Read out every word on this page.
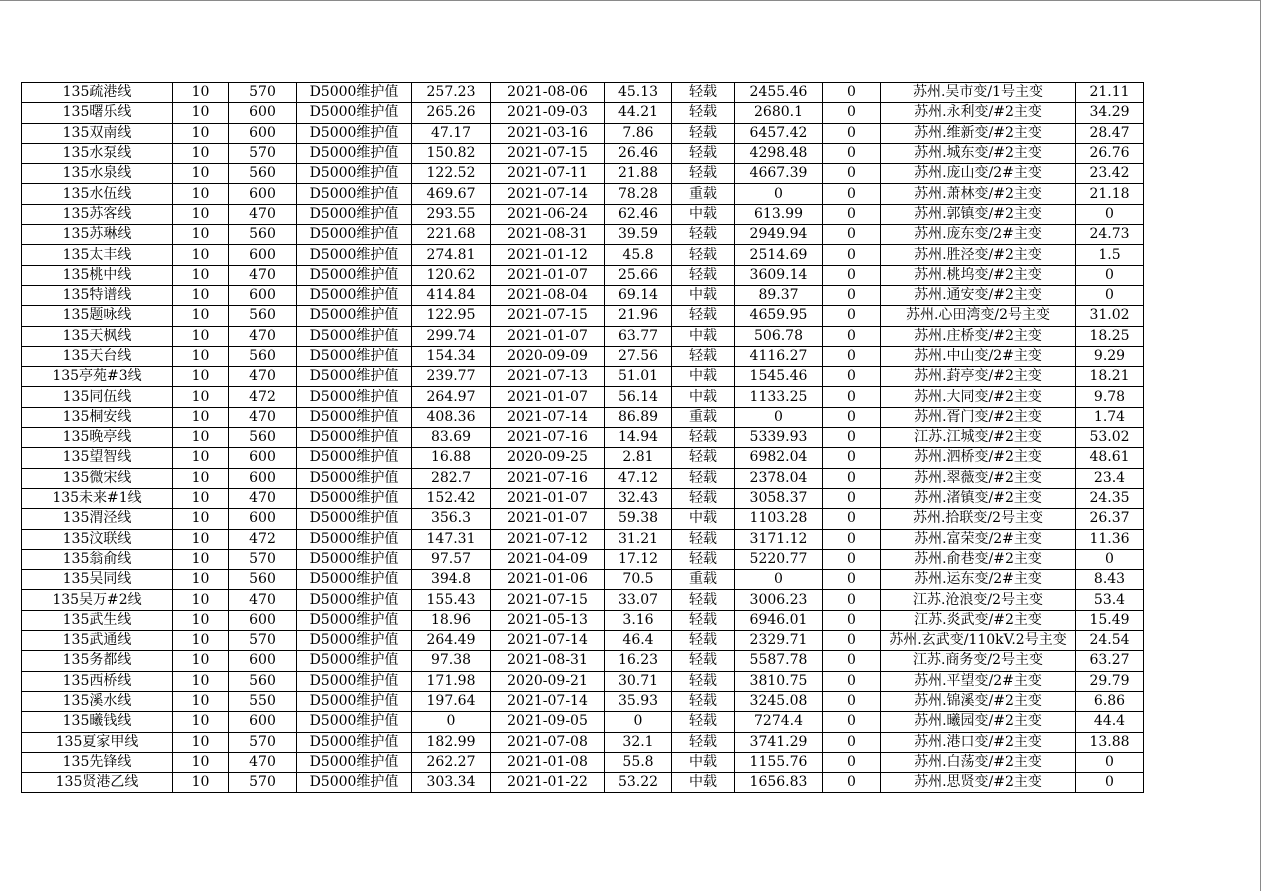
135疏港线	10	570	D5000维护值	257.23	2021-08-06	45.13	轻载	2455.46	0	苏州.吴市变/1号主变	21.11
135曙乐线	10	600	D5000维护值	265.26	2021-09-03	44.21	轻载	2680.1	0	苏州.永利变/#2主变	34.29
135双南线	10	600	D5000维护值	47.17	2021-03-16	7.86	轻载	6457.42	0	苏州.维新变/#2主变	28.47
135水泵线	10	570	D5000维护值	150.82	2021-07-15	26.46	轻载	4298.48	0	苏州.城东变/#2主变	26.76
135水泉线	10	560	D5000维护值	122.52	2021-07-11	21.88	轻载	4667.39	0	苏州.庞山变/2#主变	23.42
135水伍线	10	600	D5000维护值	469.67	2021-07-14	78.28	重载	0	0	苏州.萧林变/#2主变	21.18
135苏客线	10	470	D5000维护值	293.55	2021-06-24	62.46	中载	613.99	0	苏州.郭镇变/#2主变	0
135苏琳线	10	560	D5000维护值	221.68	2021-08-31	39.59	轻载	2949.94	0	苏州.庞东变/2#主变	24.73
135太丰线	10	600	D5000维护值	274.81	2021-01-12	45.8	轻载	2514.69	0	苏州.胜泾变/#2主变	1.5
135桃中线	10	470	D5000维护值	120.62	2021-01-07	25.66	轻载	3609.14	0	苏州.桃坞变/#2主变	0
135特谱线	10	600	D5000维护值	414.84	2021-08-04	69.14	中载	89.37	0	苏州.通安变/#2主变	0
135题咏线	10	560	D5000维护值	122.95	2021-07-15	21.96	轻载	4659.95	0	苏州.心田湾变/2号主变	31.02
135天枫线	10	470	D5000维护值	299.74	2021-01-07	63.77	中载	506.78	0	苏州.庄桥变/#2主变	18.25
135天台线	10	560	D5000维护值	154.34	2020-09-09	27.56	轻载	4116.27	0	苏州.中山变/2#主变	9.29
135亭苑#3线	10	470	D5000维护值	239.77	2021-07-13	51.01	中载	1545.46	0	苏州.葑亭变/#2主变	18.21
135同伍线	10	472	D5000维护值	264.97	2021-01-07	56.14	中载	1133.25	0	苏州.大同变/#2主变	9.78
135桐安线	10	470	D5000维护值	408.36	2021-07-14	86.89	重载	0	0	苏州.胥门变/#2主变	1.74
135晚亭线	10	560	D5000维护值	83.69	2021-07-16	14.94	轻载	5339.93	0	江苏.江城变/#2主变	53.02
135望智线	10	600	D5000维护值	16.88	2020-09-25	2.81	轻载	6982.04	0	苏州.泗桥变/#2主变	48.61
135微宋线	10	600	D5000维护值	282.7	2021-07-16	47.12	轻载	2378.04	0	苏州.翠薇变/#2主变	23.4
135未来#1线	10	470	D5000维护值	152.42	2021-01-07	32.43	轻载	3058.37	0	苏州.渚镇变/#2主变	24.35
135渭泾线	10	600	D5000维护值	356.3	2021-01-07	59.38	中载	1103.28	0	苏州.拾联变/2号主变	26.37
135汶联线	10	472	D5000维护值	147.31	2021-07-12	31.21	轻载	3171.12	0	苏州.富荣变/2#主变	11.36
135翁俞线	10	570	D5000维护值	97.57	2021-04-09	17.12	轻载	5220.77	0	苏州.俞巷变/#2主变	0
135吴同线	10	560	D5000维护值	394.8	2021-01-06	70.5	重载	0	0	苏州.运东变/2#主变	8.43
135吴万#2线	10	470	D5000维护值	155.43	2021-07-15	33.07	轻载	3006.23	0	江苏.沧浪变/2号主变	53.4
135武生线	10	600	D5000维护值	18.96	2021-05-13	3.16	轻载	6946.01	0	江苏.炎武变/#2主变	15.49
135武通线	10	570	D5000维护值	264.49	2021-07-14	46.4	轻载	2329.71	0	苏州.玄武变/110kV.2号主变	24.54
135务都线	10	600	D5000维护值	97.38	2021-08-31	16.23	轻载	5587.78	0	江苏.商务变/2号主变	63.27
135西桥线	10	560	D5000维护值	171.98	2020-09-21	30.71	轻载	3810.75	0	苏州.平望变/2#主变	29.79
135溪水线	10	550	D5000维护值	197.64	2021-07-14	35.93	轻载	3245.08	0	苏州.锦溪变/#2主变	6.86
135曦钱线	10	600	D5000维护值	0	2021-09-05	0	轻载	7274.4	0	苏州.曦园变/#2主变	44.4
135夏家甲线	10	570	D5000维护值	182.99	2021-07-08	32.1	轻载	3741.29	0	苏州.港口变/#2主变	13.88
135先锋线	10	470	D5000维护值	262.27	2021-01-08	55.8	中载	1155.76	0	苏州.白荡变/#2主变	0
135贤港乙线	10	570	D5000维护值	303.34	2021-01-22	53.22	中载	1656.83	0	苏州.思贤变/#2主变	0
